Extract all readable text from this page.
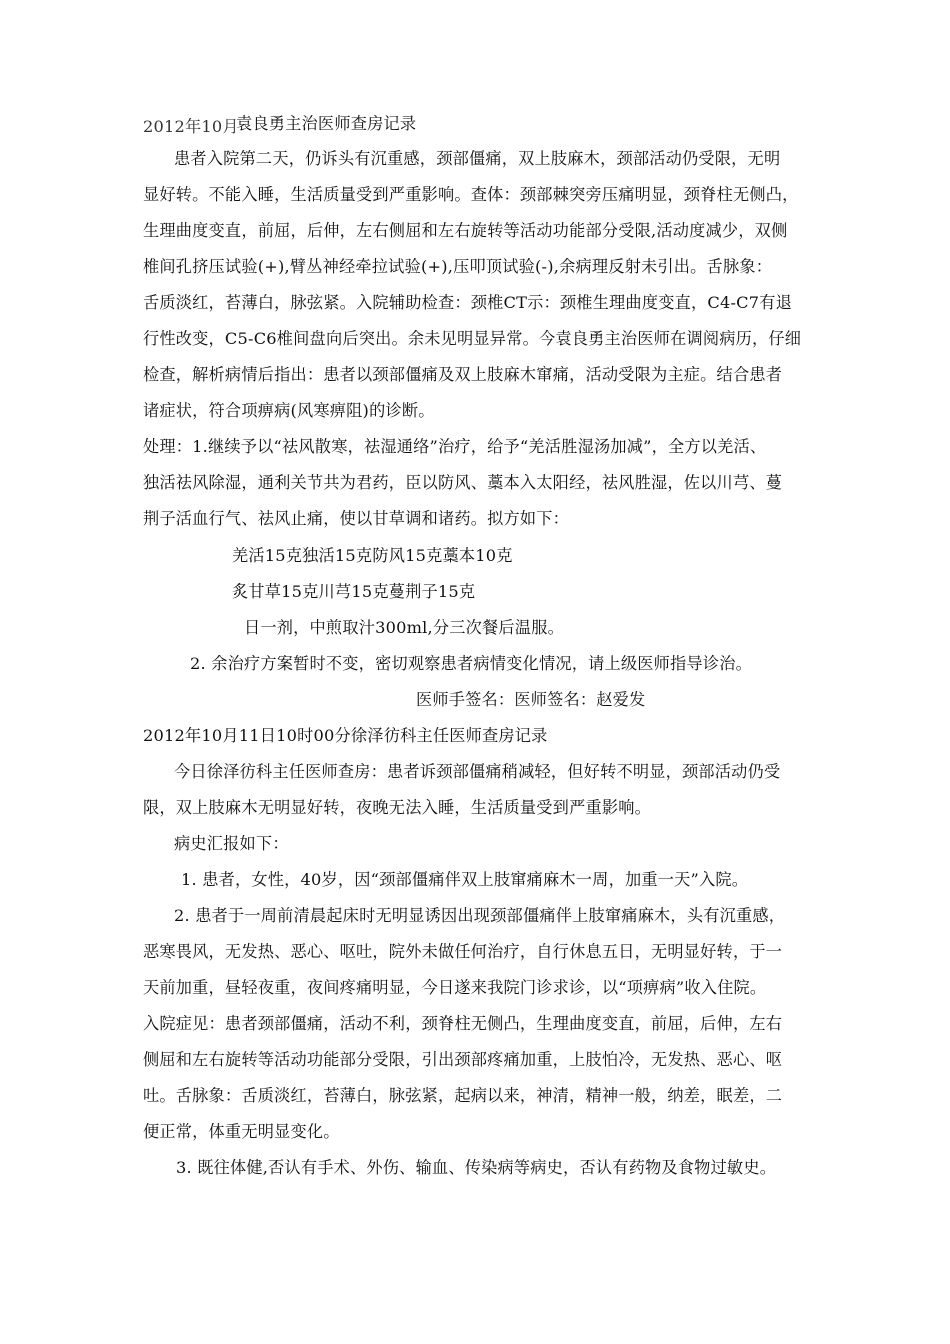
2012年10月
袁良勇主治医师查房记录
患者入院第二天，仍诉头有沉重感，颈部僵痛，双上肢麻木，颈部活动仍受限，无明
显好转。不能入睡，生活质量受到严重影响。查体：颈部棘突旁压痛明显，颈脊柱无侧凸，
生理曲度变直，前屈，后伸，左右侧屈和左右旋转等活动功能部分受限,活动度减少，双侧
椎间孔挤压试验(+),臂丛神经牵拉试验(+),压叩顶试验(-),余病理反射未引出。舌脉象：
舌质淡红，苔薄白，脉弦紧。入院辅助检查：颈椎CT示：颈椎生理曲度变直，C4-C7有退
行性改变，C5-C6椎间盘向后突出。余未见明显异常。今袁良勇主治医师在调阅病历，仔细
检查，解析病情后指出：患者以颈部僵痛及双上肢麻木窜痛，活动受限为主症。结合患者
诸症状，符合项痹病(风寒痹阻)的诊断。
处理：1.继续予以“祛风散寒，祛湿通络”治疗，给予“羌活胜湿汤加减”，全方以羌活、
独活祛风除湿，通利关节共为君药，臣以防风、藁本入太阳经，祛风胜湿，佐以川芎、蔓
荆子活血行气、祛风止痛，使以甘草调和诸药。拟方如下：
羌活15克独活15克防风15克藁本10克
炙甘草15克川芎15克蔓荆子15克
日一剂，中煎取汁300ml,分三次餐后温服。
2. 余治疗方案暂时不变，密切观察患者病情变化情况，请上级医师指导诊治。
医师手签名：医师签名：赵爱发
2012年10月11日10时00分徐泽彷科主任医师查房记录
今日徐泽彷科主任医师查房：患者诉颈部僵痛稍减轻，但好转不明显，颈部活动仍受
限，双上肢麻木无明显好转，夜晚无法入睡，生活质量受到严重影响。
病史汇报如下：
1. 患者，女性，40岁，因“颈部僵痛伴双上肢窜痛麻木一周，加重一天”入院。
2. 患者于一周前清晨起床时无明显诱因出现颈部僵痛伴上肢窜痛麻木，头有沉重感，
恶寒畏风，无发热、恶心、呕吐，院外未做任何治疗，自行休息五日，无明显好转，于一
天前加重，昼轻夜重，夜间疼痛明显，今日遂来我院门诊求诊，以“项痹病”收入住院。
入院症见：患者颈部僵痛，活动不利，颈脊柱无侧凸，生理曲度变直，前屈，后伸，左右
侧屈和左右旋转等活动功能部分受限，引出颈部疼痛加重，上肢怕冷，无发热、恶心、呕
吐。舌脉象：舌质淡红，苔薄白，脉弦紧，起病以来，神清，精神一般，纳差，眠差，二
便正常，体重无明显变化。
3. 既往体健,否认有手术、外伤、输血、传染病等病史，否认有药物及食物过敏史。
